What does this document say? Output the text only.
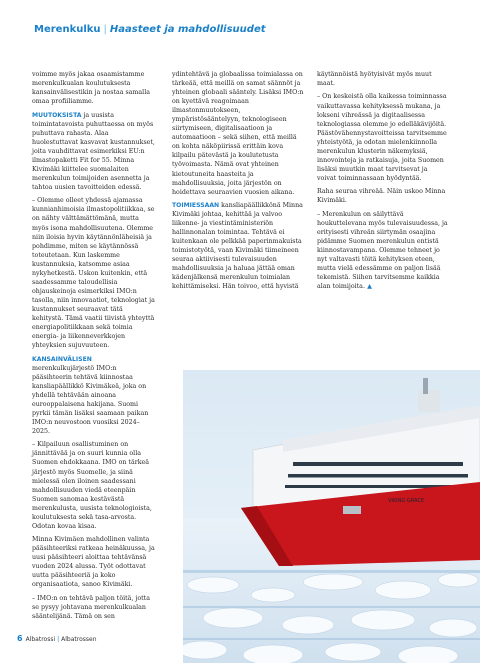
Merenkulku | Haasteet ja mahdollisuudet

voimme myös jakaa osaamistamme merenkulkualan koulutuksesta kansainvälisestikin ja nostaa samalla omaa profiiliamme.

MUUTOKSISTA ja uusista toimintatavoista puhuttaessa on myös puhuttava rahasta. Alaa huolestuttavat kasvavat kustannukset, joita vauhdittavat esimerkiksi EU:n ilmastopaketti Fit for 55. Minna Kivimäki kiittelee suomalaiten merenkulun toimijoiden asennetta ja tahtoa uusien tavoitteiden edessä.

– Olemme olleet yhdessä ajamassa kunnianhimoisia ilmastopolitiikkaa, se on nähty välttämättömänä, mutta myös isona mahdollisuutena. Olemme niin iloisia hyvin käytännönläheisiä ja pohdimme, miten se käytännössä toteutetaan. Kun laskemme kustannuksia, katsomme asiaa nykyhetkestä. Uskon kuitenkin, että saadessamme taloudellisia ohjauskeinoja esimerkiksi IMO:n tasolla, niin innovaatiot, teknologiat ja kustannukset seuraavat tätä kehitystä. Tämä vaatii tiivistä yhteyttä energiapolitiikkaan sekä toimia energia- ja liikenneverkkojen yhteyksien sujuvuuteen.

KANSAINVÄLISEN merenkulkujärjestö IMO:n pääsihteerin tehtävä kiinnostaa kansliapäällikkö Kivimäkeä, joka on yhdellä tehtävään ainoana eurooppalaisena hakijana. Suomi pyrkii tämän lisäksi saamaan paikan IMO:n neuvostoon vuosiksi 2024–2025.

– Kilpailuun osallistuminen on jännittävää ja on suuri kunnia olla Suomen ehdokkaana. IMO on tärkeä järjestö myös Suomelle, ja siinä mielessä olen iloinen saadessani mahdollisuuden viedä eteenpäin Suomen sanomaa kestävästä merenkulusta, uusista teknologioista, koulutuksesta sekä tasa-arvosta. Odotan kovaa kisaa.

Minna Kivimäen mahdollinen valinta pääsihteeriksi ratkeaa heinäkuussa, ja uusi pääsihteeri aloittaa tehtävänsä vuoden 2024 alussa. Työt odottavat uutta pääsihteeriä ja koko organisaatiota, sanoo Kivimäki.

– IMO:n on tehtävä paljon töitä, jotta se pysyy johtavana merenkulkualan sääntelijänä. Tämä on sen

ydintehtävä ja globaalissa toimialassa on tärkeää, että meillä on samat säännöt ja yhteinen globaali sääntely. Lisäksi IMO:n on kyettävä reagoimaan ilmastonmuutokseen, ympäristösääntelyyn, teknologiseen siirtymiseen, digitalisaatioon ja automaatioon – sekä siihen, että meillä on kohta näköpiirissä erittäin kova kilpailu pätevästä ja koulutetusta työvoimasta. Nämä ovat yhteinen kietoutuneita haasteita ja mahdollisuuksia, joita järjestön on hoidettava seuraavien vuosien aikana.

TOIMIESSAAN kansliapäällikkönä Minna Kivimäki johtaa, kehittää ja valvoo liikenne- ja viestintäministeriön hallinnonalan toimintaa. Tehtävä ei kuitenkaan ole pelkkää paperinmakuista toimistotyötä, vaan Kivimäki tiimeineen seuraa aktiivisesti tulevaisuuden mahdollisuuksia ja haluaa jättää oman kädenjälkensä merenkulun toimialan kehittämiseksi. Hän toivoo, että hyvistä

käytännöistä hyötyisivät myös muut maat.

– On keskeistä olla kaikessa toiminnassa vaikuttavassa kehityksessä mukana, ja lokseni vihreässä ja digitaalisessa teknologiassa olemme jo edelläkävijöitä. Päästövähennystavoitteissa tarvitsemme yhteistyötä, ja odotan mielenkiinnolla merenkulun klusterin näkemyksiä, innovointeja ja ratkaisuja, joita Suomen lisäksi muutkin maat tarvitsevat ja voivat toiminnassaan hyödyntää.

Raha seuraa vihreää. Näin uskoo Minna Kivimäki.

– Merenkulun on säilyttävä houkuttelevana myös tulevaisuudessa, ja erityisesti vihreän siirtymän osaajina pidämme Suomen merenkulun entistä kiinnostavampana. Olemme tehneet jo nyt valtavasti töitä kehityksen eteen, mutta vielä edessämme on paljon lisää tekemistä. Siihen tarvitsemme kaikkia alan toimijoita. ▲

VIKING GRACE
6 Albatrossi | Albatrossen
